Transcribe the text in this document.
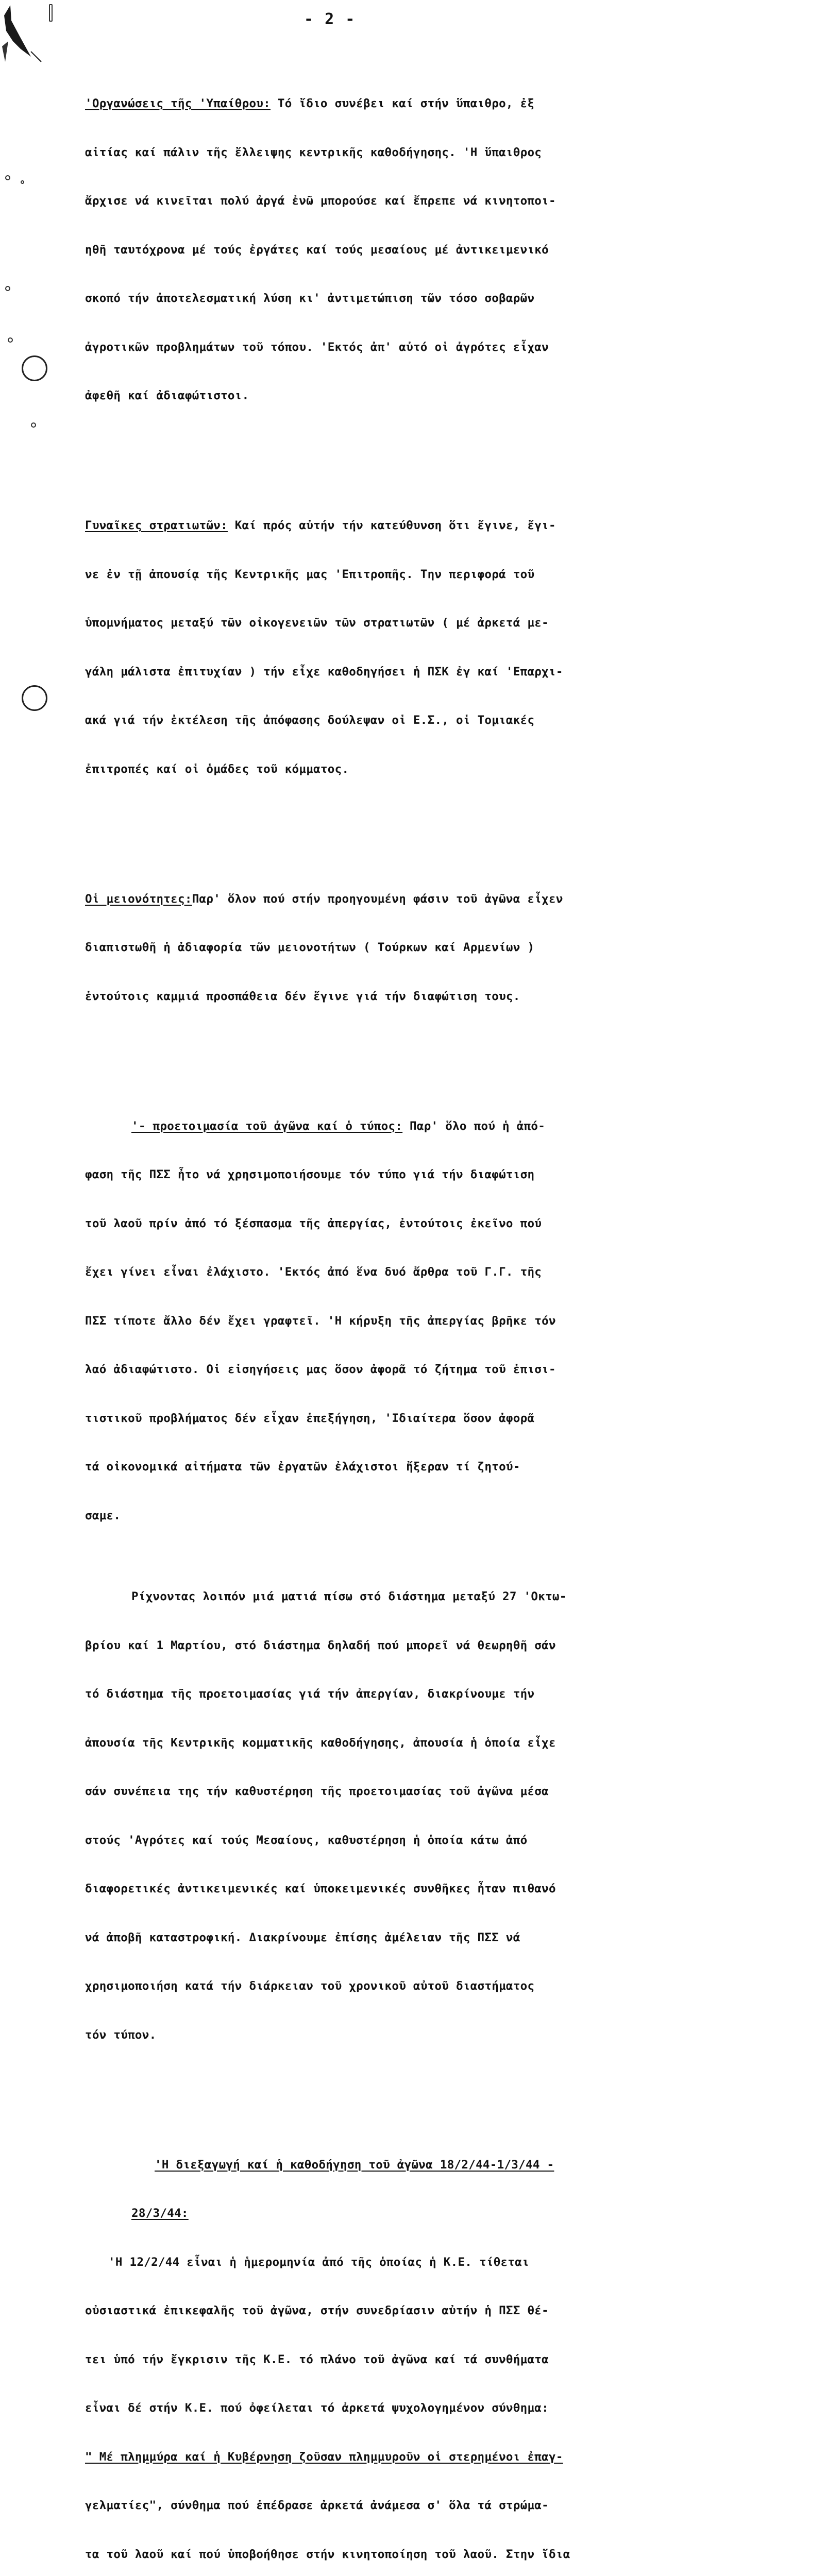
- 2 -

'Οργανώσεις τῆς 'Υπαίθρου: Τό ἴδιο συνέβει καί στήν ὕπαιθρο, ἐξ

αἰτίας καί πάλιν τῆς ἔλλειψης κεντρικῆς καθοδήγησης. 'Η ὕπαιθρος

ἄρχισε νά κινεῖται πολύ ἀργά ἐνῶ μπορούσε καί ἔπρεπε νά κινητοποι-

ηθῆ ταυτόχρονα μέ τούς ἐργάτες καί τούς μεσαίους μέ ἀντικειμενικό

σκοπό τήν ἀποτελεσματική λύση κι' ἀντιμετώπιση τῶν τόσο σοβαρῶν

ἀγροτικῶν προβλημάτων τοῦ τόπου. 'Εκτός ἀπ' αὐτό οἱ ἀγρότες εἶχαν

ἀφεθῆ καί ἀδιαφώτιστοι.

Γυναῖκες στρατιωτῶν: Καί πρός αὐτήν τήν κατεύθυνση ὅτι ἔγινε, ἔγι-

νε ἐν τῇ ἀπουσίᾳ τῆς Κεντρικῆς μας 'Επιτροπῆς. Την περιφορά τοῦ

ὑπομνήματος μεταξύ τῶν οἰκογενειῶν τῶν στρατιωτῶν ( μέ ἀρκετά με-

γάλη μάλιστα ἐπιτυχίαν ) τήν εἶχε καθοδηγήσει ἡ ΠΣΚ ἐγ καί 'Επαρχι-

ακά γιά τήν ἐκτέλεση τῆς ἀπόφασης δούλεψαν οἱ Ε.Σ., οἱ Τομιακές

ἐπιτροπές καί οἱ ὁμάδες τοῦ κόμματος.

Οἱ μειονότητες:Παρ' ὅλον πού στήν προηγουμένη φάσιν τοῦ ἀγῶνα εἶχεν

διαπιστωθῆ ἡ ἀδιαφορία τῶν μειονοτήτων ( Τούρκων καί Αρμενίων )

ἐντούτοις καμμιά προσπάθεια δέν ἔγινε γιά τήν διαφώτιση τους.

'- προετοιμασία τοῦ ἀγῶνα καί ὁ τύπος: Παρ' ὅλο πού ἡ ἀπό-

φαση τῆς ΠΣΣ ἦτο νά χρησιμοποιήσουμε τόν τύπο γιά τήν διαφώτιση

τοῦ λαοῦ πρίν ἀπό τό ξέσπασμα τῆς ἀπεργίας, ἐντούτοις ἐκεῖνο πού

ἔχει γίνει εἶναι ἐλάχιστο. 'Εκτός ἀπό ἕνα δυό ἄρθρα τοῦ Γ.Γ. τῆς

ΠΣΣ τίποτε ἄλλο δέν ἔχει γραφτεῖ. 'Η κήρυξη τῆς ἀπεργίας βρῆκε τόν

λαό ἀδιαφώτιστο. Οἱ εἰσηγήσεις μας ὅσον ἀφορᾶ τό ζήτημα τοῦ ἐπισι-

τιστικοῦ προβλήματος δέν εἶχαν ἐπεξήγηση, 'Ιδιαίτερα ὅσον ἀφορᾶ

τά οἰκονομικά αἰτήματα τῶν ἐργατῶν ἐλάχιστοι ἤξεραν τί ζητού-

σαμε.

Ρίχνοντας λοιπόν μιά ματιά πίσω στό διάστημα μεταξύ 27 'Οκτω-

βρίου καί 1 Μαρτίου, στό διάστημα δηλαδή πού μπορεῖ νά θεωρηθῆ σάν

τό διάστημα τῆς προετοιμασίας γιά τήν ἀπεργίαν, διακρίνουμε τήν

ἀπουσία τῆς Κεντρικῆς κομματικῆς καθοδήγησης, ἀπουσία ἡ ὁποία εἶχε

σάν συνέπεια της τήν καθυστέρηση τῆς προετοιμασίας τοῦ ἀγῶνα μέσα

στούς 'Αγρότες καί τούς Μεσαίους, καθυστέρηση ἡ ὁποία κάτω ἀπό

διαφορετικές ἀντικειμενικές καί ὑποκειμενικές συνθῆκες ἦταν πιθανό

νά ἀποβῆ καταστροφική. Διακρίνουμε ἐπίσης ἀμέλειαν τῆς ΠΣΣ νά

χρησιμοποιήση κατά τήν διάρκειαν τοῦ χρονικοῦ αὐτοῦ διαστήματος

τόν τύπον.

'Η διεξαγωγή καί ἡ καθοδήγηση τοῦ ἀγῶνα 18/2/44-1/3/44 -

28/3/44:

'Η 12/2/44 εἶναι ἡ ἡμερομηνία ἀπό τῆς ὁποίας ἡ Κ.Ε. τίθεται

οὐσιαστικά ἐπικεφαλῆς τοῦ ἀγῶνα, στήν συνεδρίασιν αὐτήν ἡ ΠΣΣ θέ-

τει ὑπό τήν ἔγκρισιν τῆς Κ.Ε. τό πλάνο τοῦ ἀγῶνα καί τά συνθήματα

εἶναι δέ στήν Κ.Ε. πού ὀφείλεται τό ἀρκετά ψυχολογημένον σύνθημα:

" Μέ πλημμύρα καί ἡ Κυβέρνηση ζοῦσαν πλημμυροῦν οἱ στερημένοι ἐπαγ-

γελματίες", σύνθημα πού ἐπέδρασε ἀρκετά ἀνάμεσα σ' ὅλα τά στρώμα-

τα τοῦ λαοῦ καί πού ὑποβοήθησε στήν κινητοποίηση τοῦ λαοῦ. Στην ἴδια
